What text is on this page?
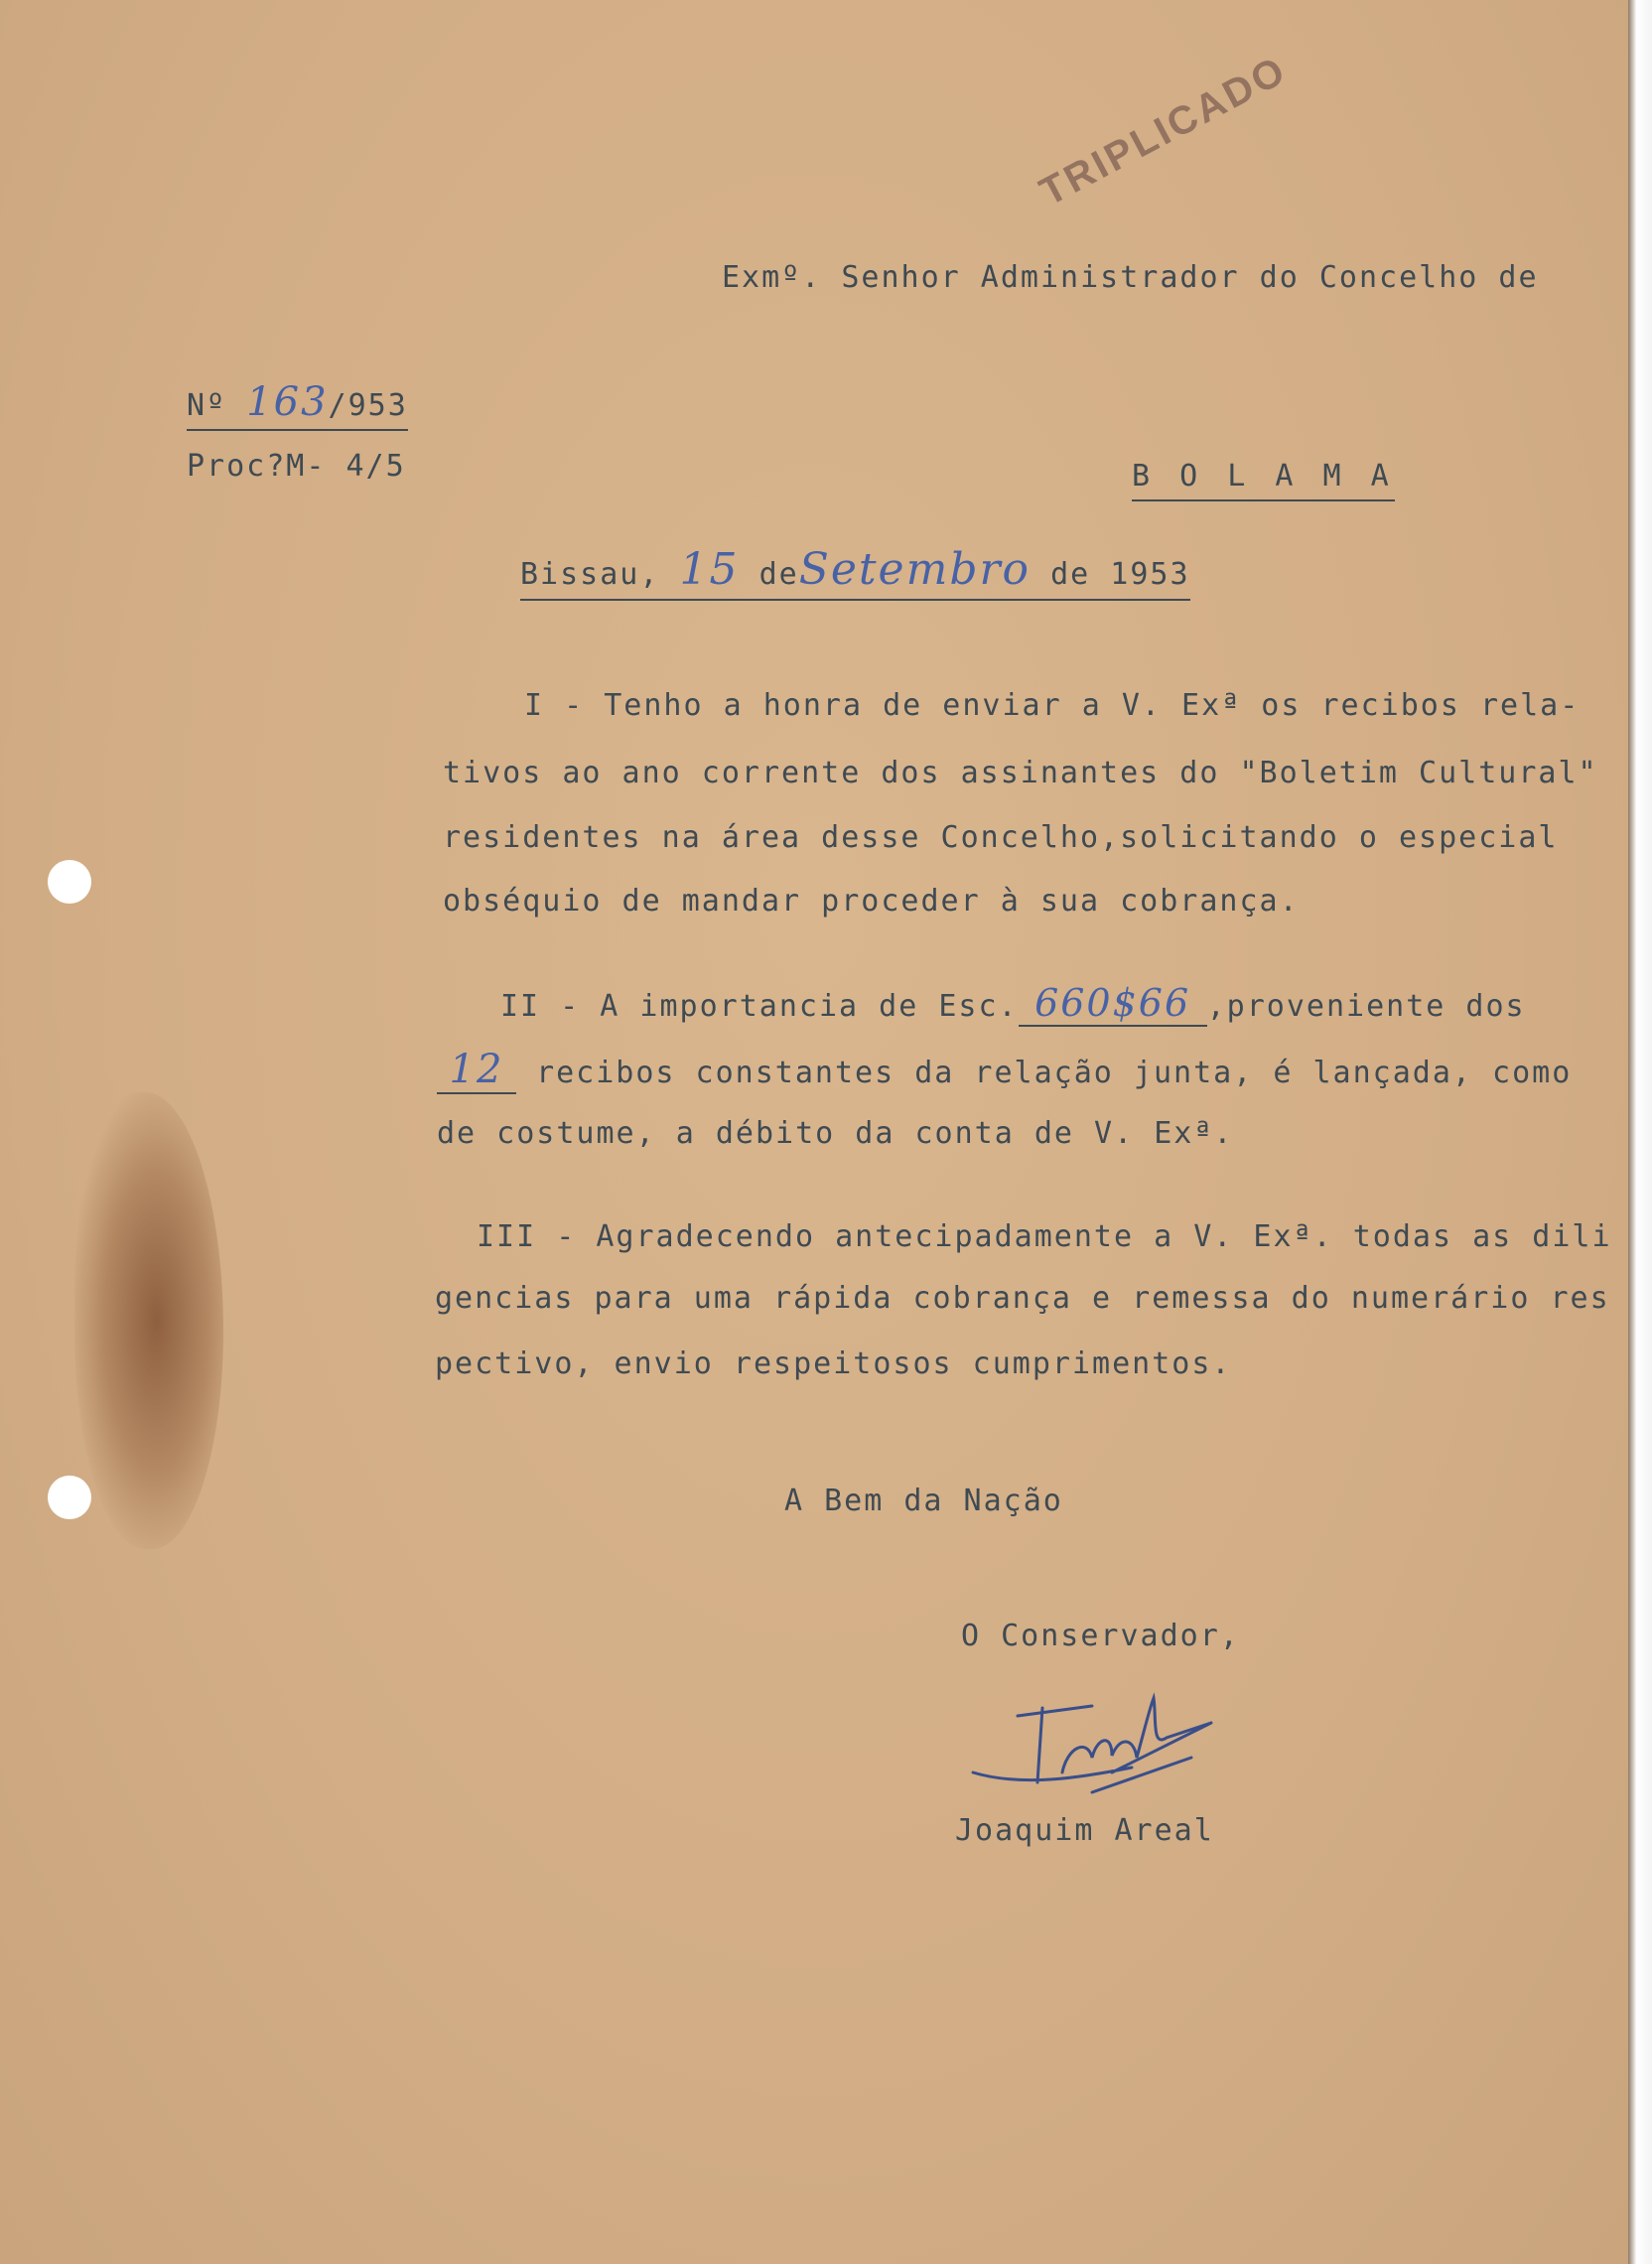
TRIPLICADO
Exmº. Senhor Administrador do Concelho de
Nº 163/953
Proc?M- 4/5	B O L A M A
Bissau, 15 deSetembro de 1953
I - Tenho a honra de enviar a V. Exª os recibos rela-
tivos ao ano corrente dos assinantes do "Boletim Cultural"
residentes na área desse Concelho,solicitando o especial
obséquio de mandar proceder à sua cobrança.
II - A importancia de Esc. 660$66 ,proveniente dos
12 recibos constantes da relação junta, é lançada, como
de costume, a débito da conta de V. Exª.
III - Agradecendo antecipadamente a V. Exª. todas as dili
gencias para uma rápida cobrança e remessa do numerário res
pectivo, envio respeitosos cumprimentos.
A Bem da Nação
O Conservador,
Joaquim Areal
